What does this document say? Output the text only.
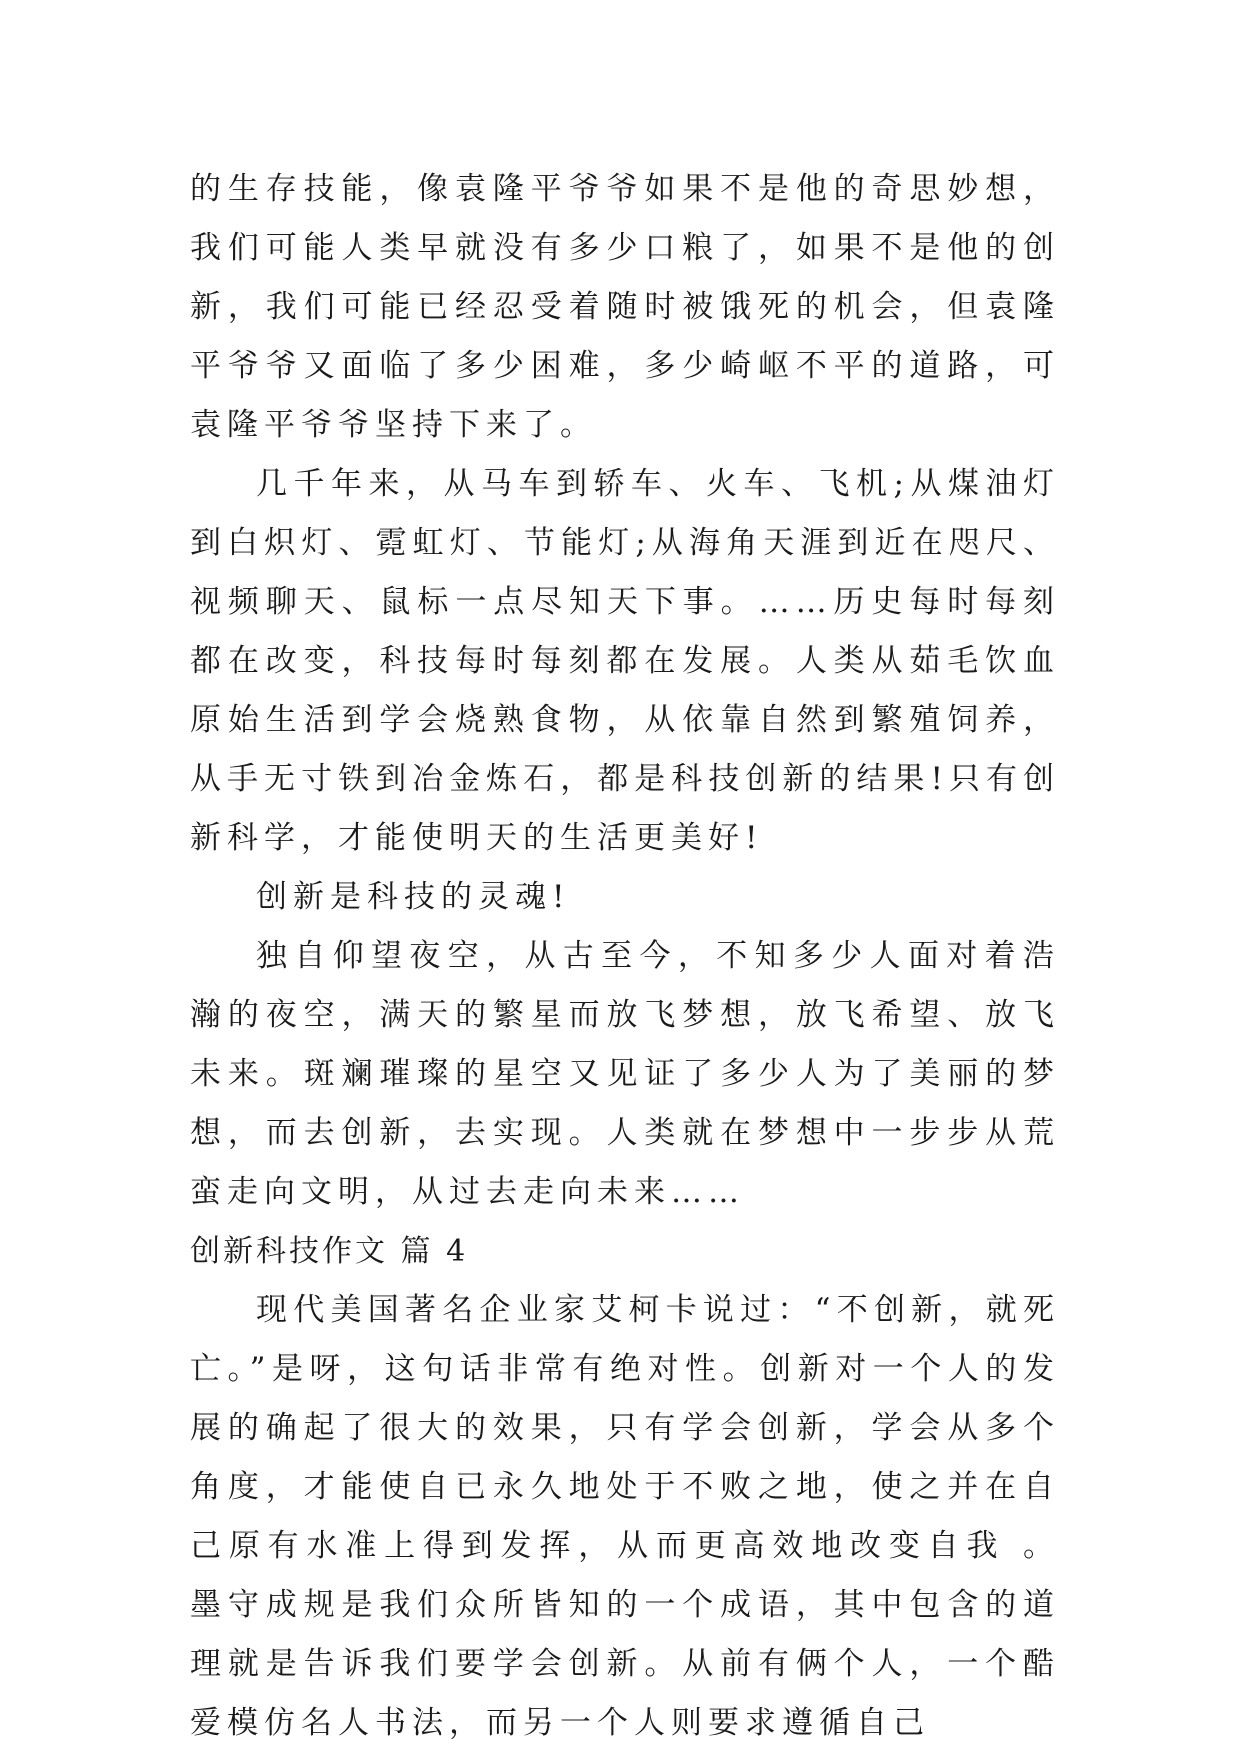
的生存技能，像袁隆平爷爷如果不是他的奇思妙想，我们可能人类早就没有多少口粮了，如果不是他的创新，我们可能已经忍受着随时被饿死的机会，但袁隆平爷爷又面临了多少困难，多少崎岖不平的道路，可袁隆平爷爷坚持下来了。

几千年来，从马车到轿车、火车、飞机;从煤油灯到白炽灯、霓虹灯、节能灯;从海角天涯到近在咫尺、视频聊天、鼠标一点尽知天下事。……历史每时每刻都在改变，科技每时每刻都在发展。人类从茹毛饮血原始生活到学会烧熟食物，从依靠自然到繁殖饲养，从手无寸铁到冶金炼石，都是科技创新的结果!只有创新科学，才能使明天的生活更美好!

创新是科技的灵魂!

独自仰望夜空，从古至今，不知多少人面对着浩瀚的夜空，满天的繁星而放飞梦想，放飞希望、放飞未来。斑斓璀璨的星空又见证了多少人为了美丽的梦想，而去创新，去实现。人类就在梦想中一步步从荒蛮走向文明，从过去走向未来……

创新科技作文 篇 4

现代美国著名企业家艾柯卡说过：“不创新，就死亡。”是呀，这句话非常有绝对性。创新对一个人的发展的确起了很大的效果，只有学会创新，学会从多个角度，才能使自已永久地处于不败之地，使之并在自己原有水准上得到发挥，从而更高效地改变自我 。 墨守成规是我们众所皆知的一个成语，其中包含的道理就是告诉我们要学会创新。从前有俩个人，一个酷爱模仿名人书法，而另一个人则要求遵循自己
